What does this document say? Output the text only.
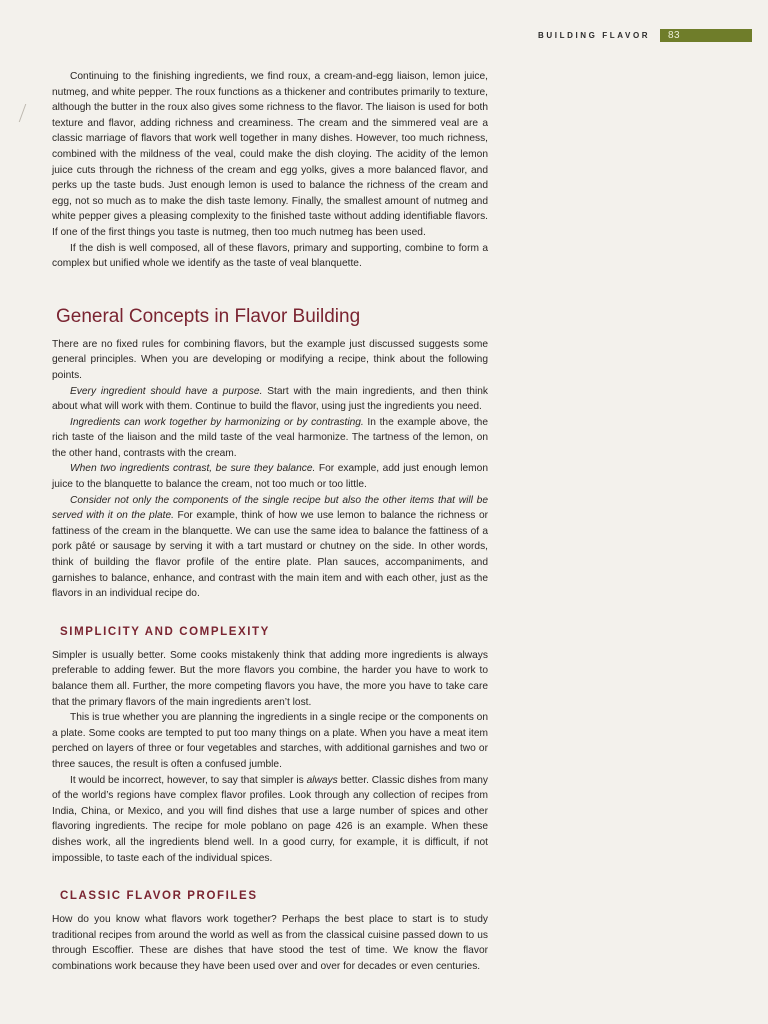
BUILDING FLAVOR 83

Continuing to the finishing ingredients, we find roux, a cream-and-egg liaison, lemon juice, nutmeg, and white pepper. The roux functions as a thickener and contributes primarily to texture, although the butter in the roux also gives some richness to the flavor. The liaison is used for both texture and flavor, adding richness and creaminess. The cream and the simmered veal are a classic marriage of flavors that work well together in many dishes. However, too much richness, combined with the mildness of the veal, could make the dish cloying. The acidity of the lemon juice cuts through the richness of the cream and egg yolks, gives a more balanced flavor, and perks up the taste buds. Just enough lemon is used to balance the richness of the cream and egg, not so much as to make the dish taste lemony. Finally, the smallest amount of nutmeg and white pepper gives a pleasing complexity to the finished taste without adding identifiable flavors. If one of the first things you taste is nutmeg, then too much nutmeg has been used.

If the dish is well composed, all of these flavors, primary and supporting, combine to form a complex but unified whole we identify as the taste of veal blanquette.

General Concepts in Flavor Building

There are no fixed rules for combining flavors, but the example just discussed suggests some general principles. When you are developing or modifying a recipe, think about the following points.

Every ingredient should have a purpose. Start with the main ingredients, and then think about what will work with them. Continue to build the flavor, using just the ingredients you need.

Ingredients can work together by harmonizing or by contrasting. In the example above, the rich taste of the liaison and the mild taste of the veal harmonize. The tartness of the lemon, on the other hand, contrasts with the cream.

When two ingredients contrast, be sure they balance. For example, add just enough lemon juice to the blanquette to balance the cream, not too much or too little.

Consider not only the components of the single recipe but also the other items that will be served with it on the plate. For example, think of how we use lemon to balance the richness or fattiness of the cream in the blanquette. We can use the same idea to balance the fattiness of a pork pâté or sausage by serving it with a tart mustard or chutney on the side. In other words, think of building the flavor profile of the entire plate. Plan sauces, accompaniments, and garnishes to balance, enhance, and contrast with the main item and with each other, just as the flavors in an individual recipe do.

SIMPLICITY AND COMPLEXITY

Simpler is usually better. Some cooks mistakenly think that adding more ingredients is always preferable to adding fewer. But the more flavors you combine, the harder you have to work to balance them all. Further, the more competing flavors you have, the more you have to take care that the primary flavors of the main ingredients aren’t lost.

This is true whether you are planning the ingredients in a single recipe or the components on a plate. Some cooks are tempted to put too many things on a plate. When you have a meat item perched on layers of three or four vegetables and starches, with additional garnishes and two or three sauces, the result is often a confused jumble.

It would be incorrect, however, to say that simpler is always better. Classic dishes from many of the world’s regions have complex flavor profiles. Look through any collection of recipes from India, China, or Mexico, and you will find dishes that use a large number of spices and other flavoring ingredients. The recipe for mole poblano on page 426 is an example. When these dishes work, all the ingredients blend well. In a good curry, for example, it is difficult, if not impossible, to taste each of the individual spices.

CLASSIC FLAVOR PROFILES

How do you know what flavors work together? Perhaps the best place to start is to study traditional recipes from around the world as well as from the classical cuisine passed down to us through Escoffier. These are dishes that have stood the test of time. We know the flavor combinations work because they have been used over and over for decades or even centuries.
